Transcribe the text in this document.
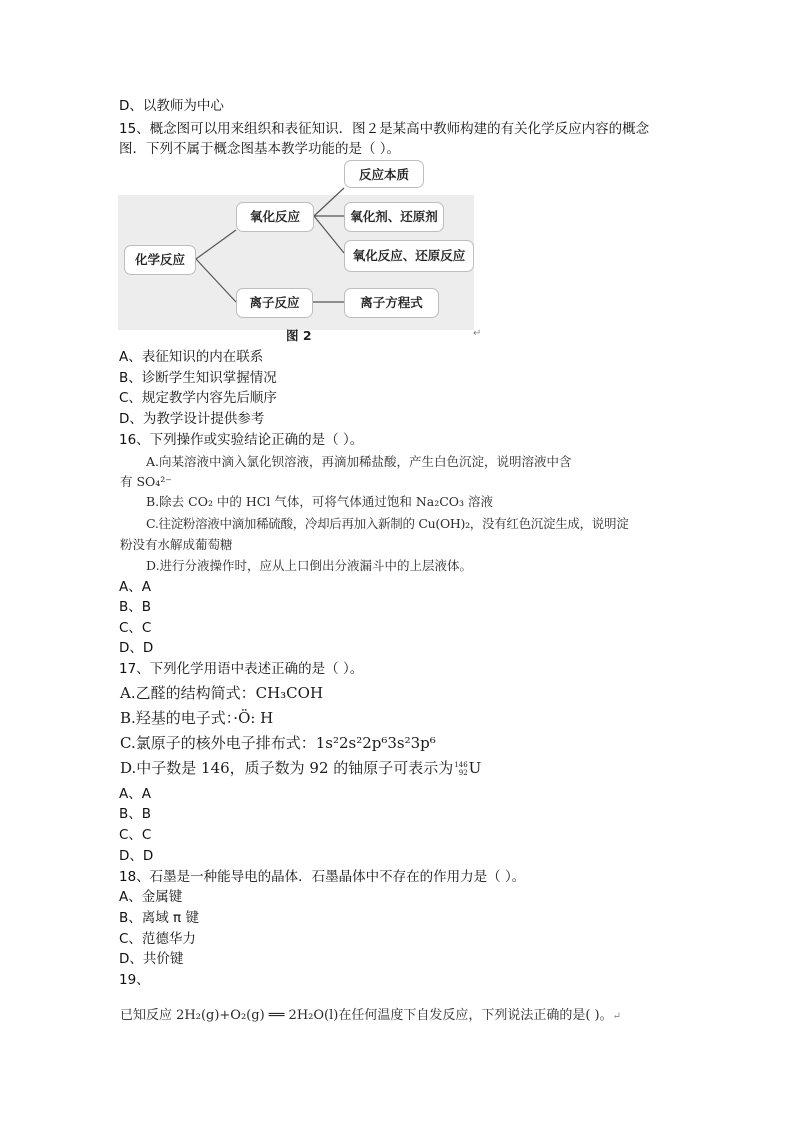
D、以教师为中心
15、概念图可以用来组织和表征知识．图２是某高中教师构建的有关化学反应内容的概念
图．下列不属于概念图基本教学功能的是（ ）。
化学反应
氧化反应
离子反应
反应本质
氧化剂、还原剂
氧化反应、还原反应
离子方程式
图 2	↵
A、表征知识的内在联系
B、诊断学生知识掌握情况
C、规定教学内容先后顺序
D、为教学设计提供参考
16、下列操作或实验结论正确的是（ ）。
A.向某溶液中滴入氯化钡溶液，再滴加稀盐酸，产生白色沉淀，说明溶液中含
有 SO₄²⁻
B.除去 CO₂ 中的 HCl 气体，可将气体通过饱和 Na₂CO₃ 溶液
C.往淀粉溶液中滴加稀硫酸，冷却后再加入新制的 Cu(OH)₂，没有红色沉淀生成，说明淀
粉没有水解成葡萄糖
D.进行分液操作时，应从上口倒出分液漏斗中的上层液体。
A、A
B、B
C、C
D、D
17、下列化学用语中表述正确的是（ ）。
A.乙醛的结构简式：CH₃COH
B.羟基的电子式：·Ö: H
C.氯原子的核外电子排布式：1s²2s²2p⁶3s²3p⁶
D.中子数是 146，质子数为 92 的铀原子可表示为 146
92 U
A、A
B、B
C、C
D、D
18、石墨是一种能导电的晶体．石墨晶体中不存在的作用力是（ ）。
A、金属键
B、离域 π 键
C、范德华力
D、共价键
19、
已知反应 2H₂(g)+O₂(g) ══ 2H₂O(l)在任何温度下自发反应，下列说法正确的是( )。↵
